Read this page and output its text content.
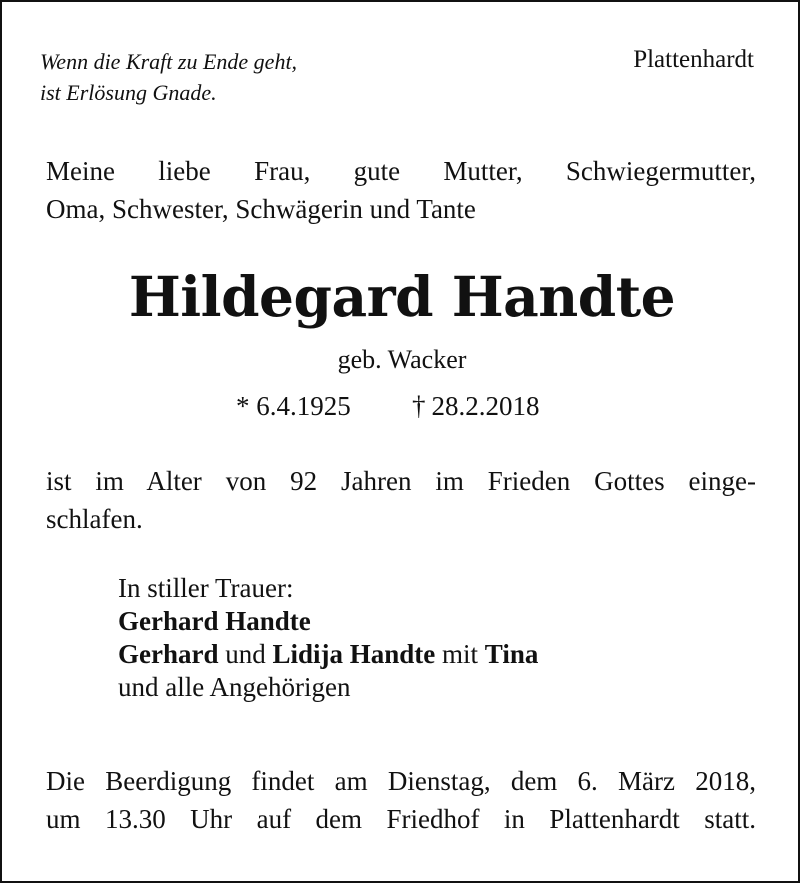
Wenn die Kraft zu Ende geht,
ist Erlösung Gnade.
Plattenhardt
Meine liebe Frau, gute Mutter, Schwiegermutter,
Oma, Schwester, Schwägerin und Tante
Hildegard Handte
geb. Wacker
* 6.4.1925 † 28.2.2018
ist im Alter von 92 Jahren im Frieden Gottes einge-
schlafen.
In stiller Trauer:
Gerhard Handte
Gerhard und Lidija Handte mit Tina
und alle Angehörigen
Die Beerdigung findet am Dienstag, dem 6. März 2018,
um 13.30 Uhr auf dem Friedhof in Plattenhardt statt.
